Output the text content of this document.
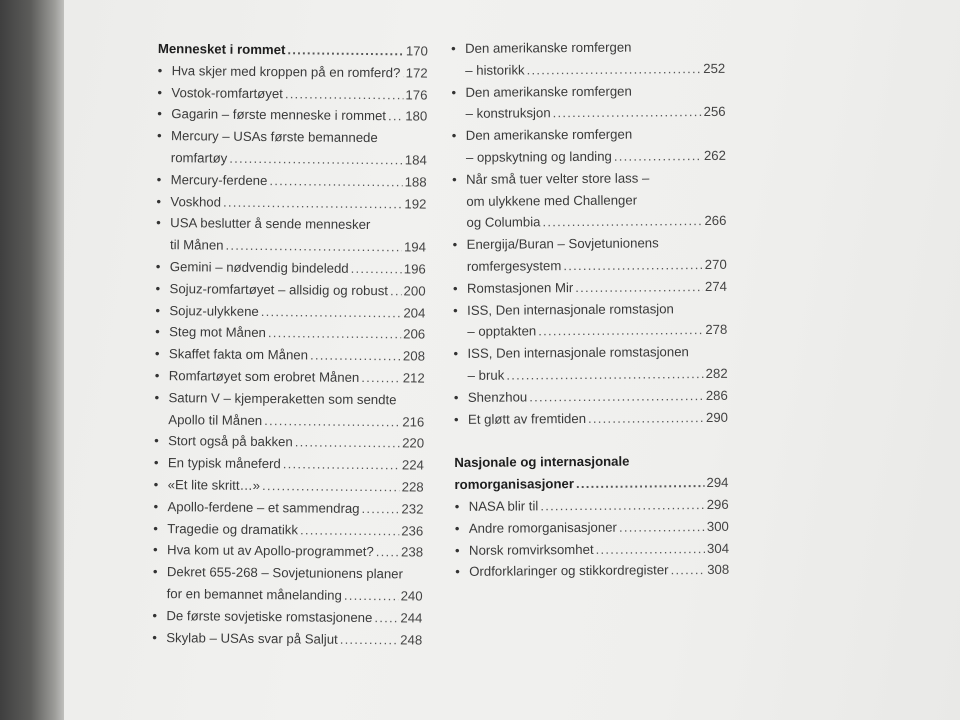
Mennesket i rommet .....	170
• Hva skjer med kroppen på en romferd? ..... 172
• Vostok-romfartøyet .....	176
• Gagarin – første menneske i rommet ..... 180
• Mercury – USAs første bemannede
romfartøy .....	184
• Mercury-ferdene .....	188
• Voskhod .....	192
• USA beslutter å sende mennesker
til Månen .....	194
• Gemini – nødvendig bindeledd .....	196
• Sojuz-romfartøyet – allsidig og robust ..... 200
• Sojuz-ulykkene .....	204
• Steg mot Månen .....	206
• Skaffet fakta om Månen .....	208
• Romfartøyet som erobret Månen .....	212
• Saturn V – kjemperaketten som sendte
Apollo til Månen .....	216
• Stort også på bakken .....	220
• En typisk måneferd .....	224
• «Et lite skritt…» .....	228
• Apollo-ferdene – et sammendrag .....	232
• Tragedie og dramatikk .....	236
• Hva kom ut av Apollo-programmet? ..... 238
• Dekret 655-268 – Sovjetunionens planer
for en bemannet månelanding .....	240
• De første sovjetiske romstasjonene ..... 244
• Skylab – USAs svar på Saljut .....	248
• Den amerikanske romfergen
– historikk .....	252
• Den amerikanske romfergen
– konstruksjon .....	256
• Den amerikanske romfergen
– oppskytning og landing .....	262
• Når små tuer velter store lass –
om ulykkene med Challenger
og Columbia .....	266
• Energija/Buran – Sovjetunionens
romfergesystem .....	270
• Romstasjonen Mir .....	274
• ISS, Den internasjonale romstasjon
– opptakten .....	278
• ISS, Den internasjonale romstasjonen
– bruk .....	282
• Shenzhou .....	286
• Et gløtt av fremtiden .....	290
Nasjonale og internasjonale
romorganisasjoner .....	294
• NASA blir til .....	296
• Andre romorganisasjoner .....	300
• Norsk romvirksomhet .....	304
• Ordforklaringer og stikkordregister .....	308
